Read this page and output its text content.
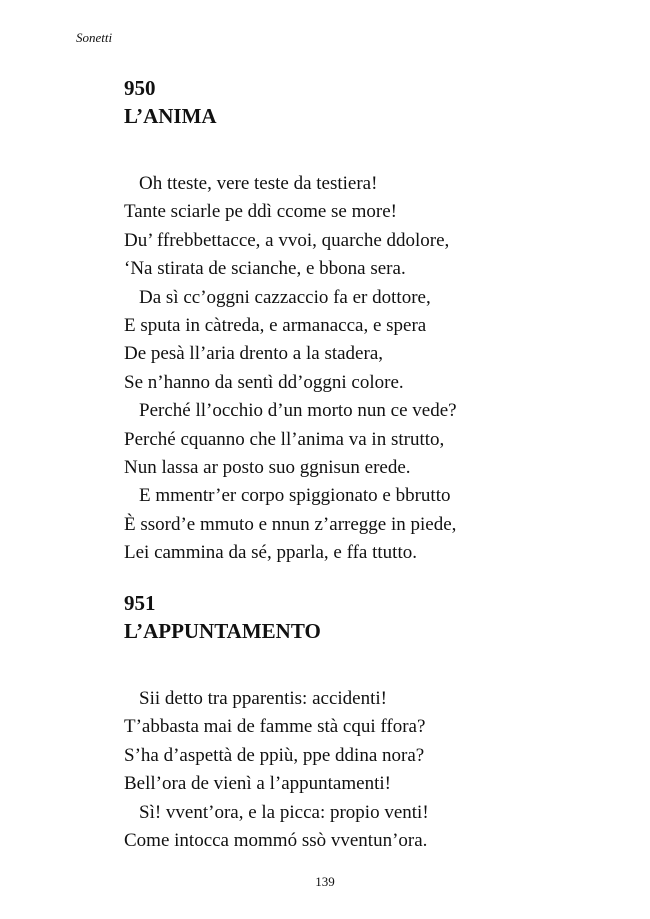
Sonetti
950
L’ANIMA
Oh tteste, vere teste da testiera!
Tante sciarle pe ddì ccome se more!
Du’ ffrebbettacce, a vvoi, quarche ddolore,
‘Na stirata de scianche, e bbona sera.
Da sì cc’oggni cazzaccio fa er dottore,
E sputa in càtreda, e armanacca, e spera
De pesà ll’aria drento a la stadera,
Se n’hanno da sentì dd’oggni colore.
Perché ll’occhio d’un morto nun ce vede?
Perché cquanno che ll’anima va in strutto,
Nun lassa ar posto suo ggnisun erede.
E mmentr’er corpo spiggionato e bbrutto
È ssord’e mmuto e nnun z’arregge in piede,
Lei cammina da sé, pparla, e ffa ttutto.
951
L’APPUNTAMENTO
Sii detto tra pparentis: accidenti!
T’abbasta mai de famme stà cqui ffora?
S’ha d’aspettà de ppiù, ppe ddina nora?
Bell’ora de vienì a l’appuntamenti!
Sì! vvent’ora, e la picca: propio venti!
Come intocca mommó ssò vventun’ora.
139
